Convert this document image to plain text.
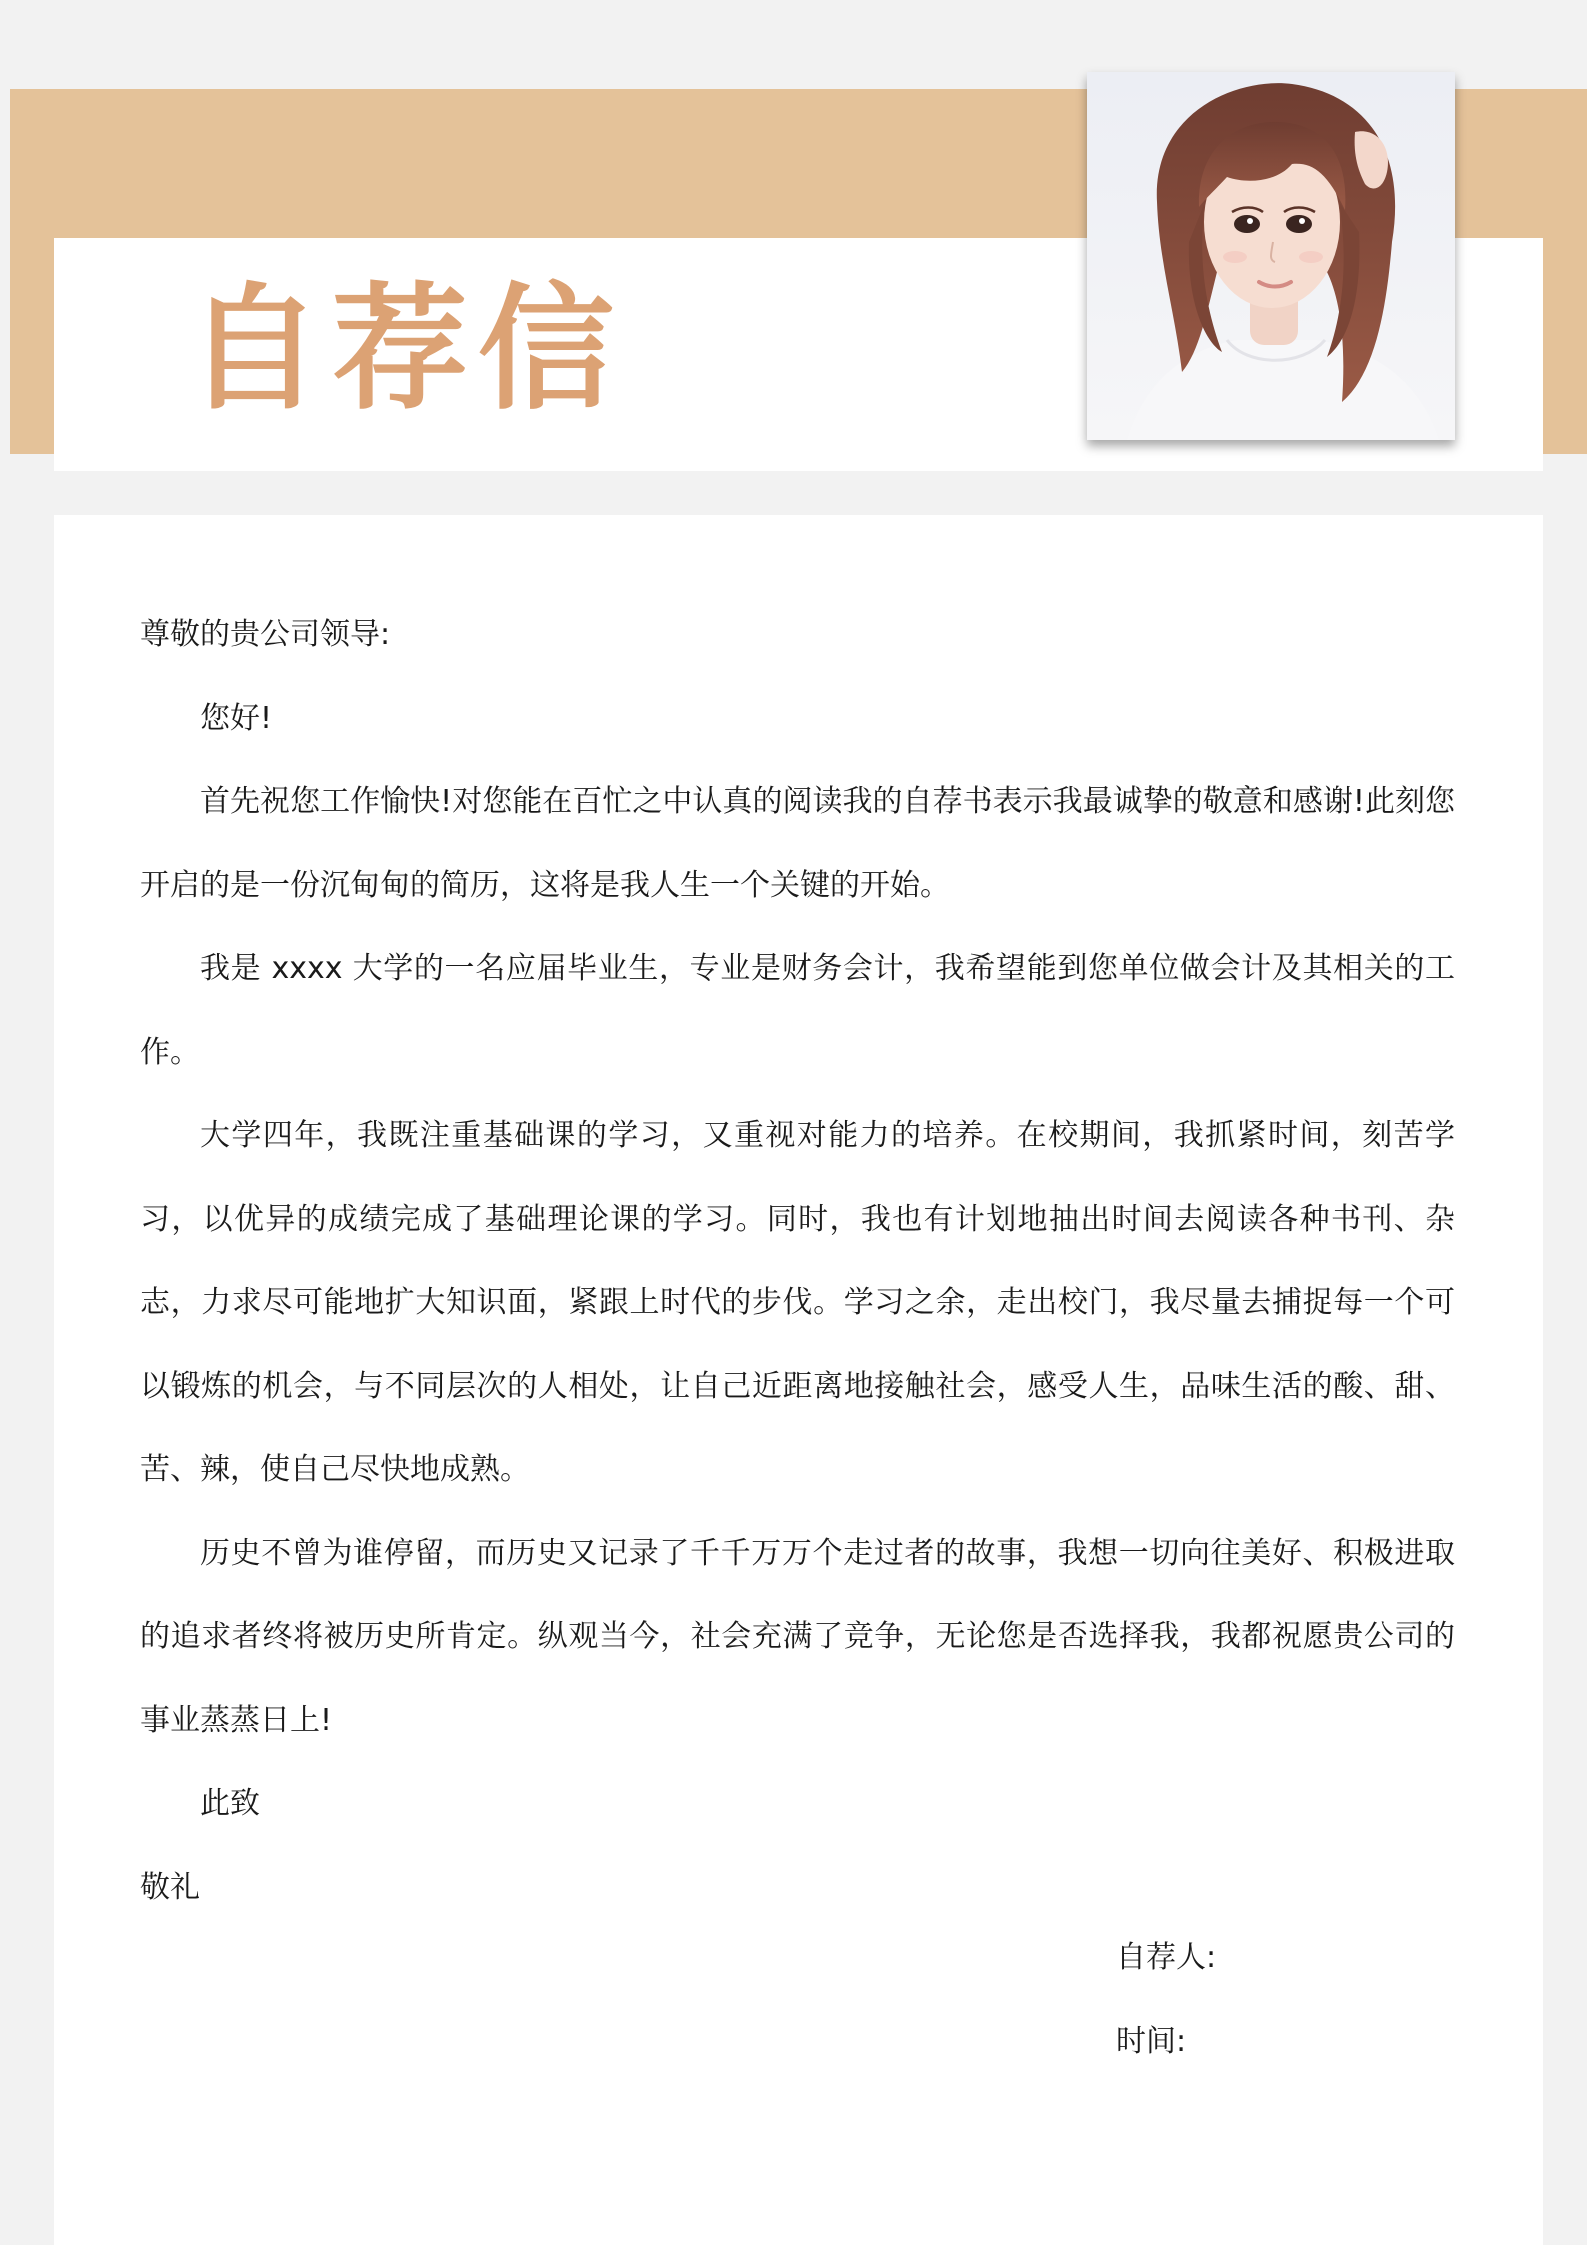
自荐信

尊敬的贵公司领导:

您好!

首先祝您工作愉快!对您能在百忙之中认真的阅读我的自荐书表示我最诚挚的敬意和感谢!此刻您开启的是一份沉甸甸的简历，这将是我人生一个关键的开始。

我是 xxxx 大学的一名应届毕业生，专业是财务会计，我希望能到您单位做会计及其相关的工作。

大学四年，我既注重基础课的学习，又重视对能力的培养。在校期间，我抓紧时间，刻苦学习，以优异的成绩完成了基础理论课的学习。同时，我也有计划地抽出时间去阅读各种书刊、杂志，力求尽可能地扩大知识面，紧跟上时代的步伐。学习之余，走出校门，我尽量去捕捉每一个可以锻炼的机会，与不同层次的人相处，让自己近距离地接触社会，感受人生，品味生活的酸、甜、苦、辣，使自己尽快地成熟。

历史不曾为谁停留，而历史又记录了千千万万个走过者的故事，我想一切向往美好、积极进取的追求者终将被历史所肯定。纵观当今，社会充满了竞争，无论您是否选择我，我都祝愿贵公司的事业蒸蒸日上!

此致

敬礼

自荐人:
时间:
